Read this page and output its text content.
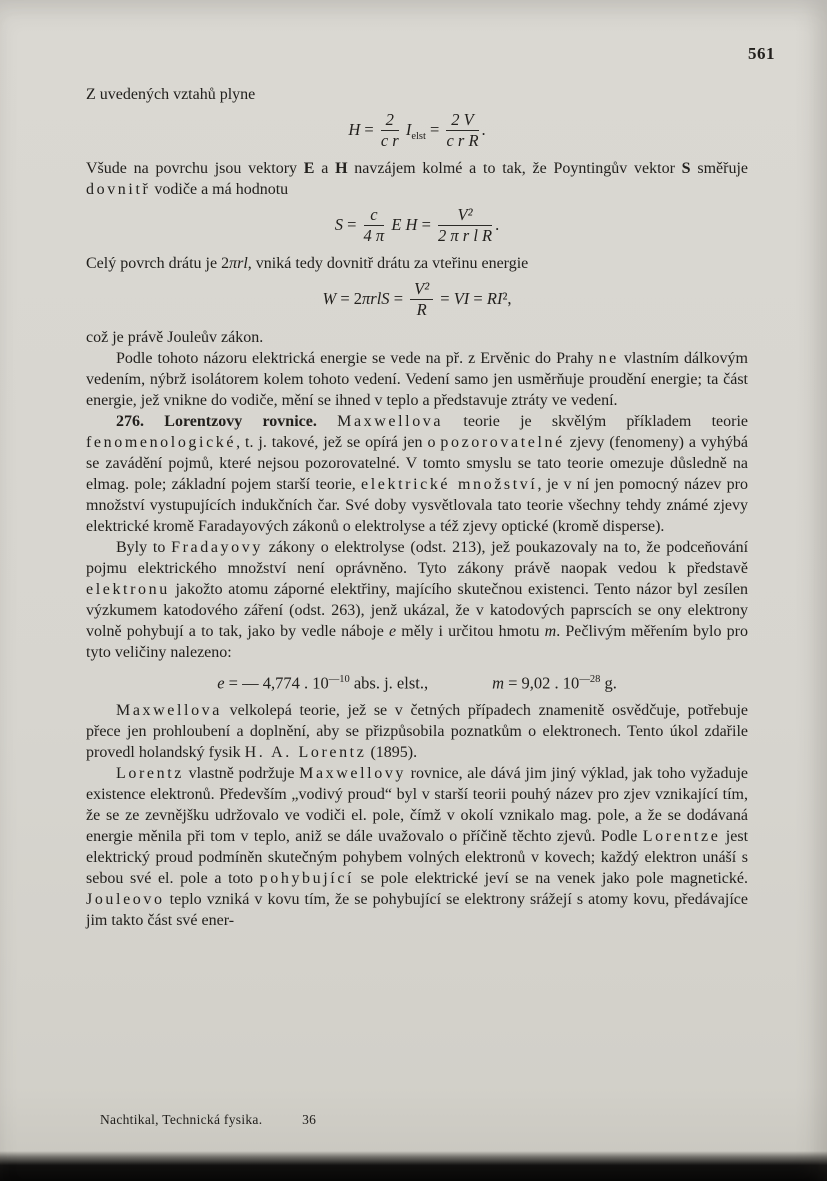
561

Z uvedených vztahů plyne

$H = \frac{2}{\text{c r}} I_{elst} = \frac{2 V}{\text{c r R}}$ .

Všude na povrchu jsou vektory E a H navzájem kolmé a to tak, že Poyntingův vektor S směřuje dovnitř vodiče a má hodnotu

$S = \frac{c}{4 \pi}$ E $H = \frac{\text{V²}}{\text{2 π r l R}}$ .

Celý povrch drátu je 2πrl, vniká tedy dovnitř drátu za vteřinu energie

$W = 2\pi rlS = \frac{\text{V²}}{R}$ = VI = RI²,

což je právě Jouleův zákon.

Podle tohoto názoru elektrická energie se vede na př. z Ervěnic do Prahy ne vlastním dálkovým vedením, nýbrž isolátorem kolem tohoto vedení. Vedení samo jen usměrňuje proudění energie; ta část energie, jež vnikne do vodiče, mění se ihned v teplo a představuje ztráty ve vedení.

276. Lorentzovy rovnice. Maxwellova teorie je skvělým příkladem teorie fenomenologické, t. j. takové, jež se opírá jen o pozorovatelné zjevy (fenomeny) a vyhýbá se zavádění pojmů, které nejsou pozorovatelné. V tomto smyslu se tato teorie omezuje důsledně na elmag. pole; základní pojem starší teorie, elektrické množství, je v ní jen pomocný název pro množství vystupujících indukčních čar. Své doby vysvětlovala tato teorie všechny tehdy známé zjevy elektrické kromě Faradayových zákonů o elektrolyse a též zjevy optické (kromě disperse).

Byly to Fradayovy zákony o elektrolyse (odst. 213), jež poukazovaly na to, že podceňování pojmu elektrického množství není oprávněno. Tyto zákony právě naopak vedou k představě elektronu jakožto atomu záporné elektřiny, majícího skutečnou existenci. Tento názor byl zesílen výzkumem katodového záření (odst. 263), jenž ukázal, že v katodových paprscích se ony elektrony volně pohybují a to tak, jako by vedle náboje e měly i určitou hmotu m. Pečlivým měřením bylo pro tyto veličiny nalezeno:

e = — 4,774 . $10^{—10}$ abs. j. elst.,	m = 9,02 . $10^{—28}$ g.

Maxwellova velkolepá teorie, jež se v četných případech znamenitě osvědčuje, potřebuje přece jen prohloubení a doplnění, aby se přizpůsobila poznatkům o elektronech. Tento úkol zdařile provedl holandský fysik H. A. Lorentz (1895).

Lorentz vlastně podržuje Maxwellovy rovnice, ale dává jim jiný výklad, jak toho vyžaduje existence elektronů. Především „vodivý proud“ byl v starší teorii pouhý název pro zjev vznikající tím, že se ze zevnějšku udržovalo ve vodiči el. pole, čímž v okolí vznikalo mag. pole, a že se dodávaná energie měnila při tom v teplo, aniž se dále uvažovalo o příčině těchto zjevů. Podle Lorentze jest elektrický proud podmíněn skutečným pohybem volných elektronů v kovech; každý elektron unáší s sebou své el. pole a toto pohybující se pole elektrické jeví se na venek jako pole magnetické. Jouleovo teplo vzniká v kovu tím, že se pohybující se elektrony srážejí s atomy kovu, předávajíce jim takto část své ener-

Nachtikal, Technická fysika.	36
